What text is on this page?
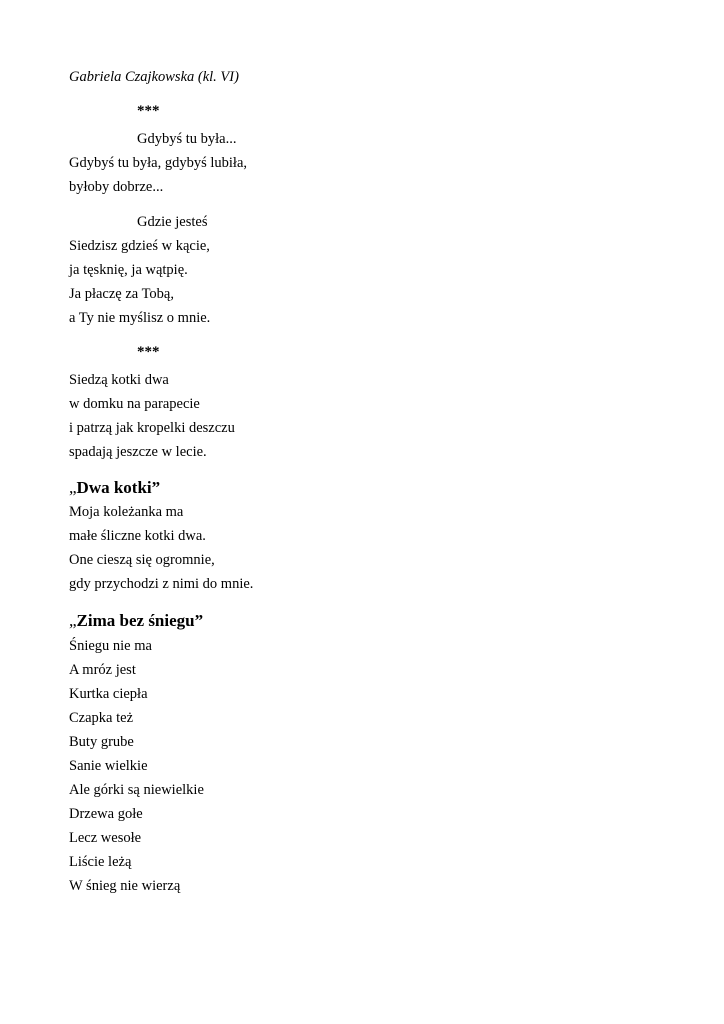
Gabriela Czajkowska (kl. VI)
***
Gdybyś tu była...
Gdybyś tu była, gdybyś lubiła,
byłoby dobrze...
Gdzie jesteś
Siedzisz gdzieś w kącie,
ja tęsknię, ja wątpię.
Ja płaczę za Tobą,
a Ty nie myślisz o mnie.
***
Siedzą kotki dwa
w domku na parapecie
i patrzą jak kropelki deszczu
spadają jeszcze w lecie.
„Dwa kotki”
Moja koleżanka ma
małe śliczne kotki dwa.
One cieszą się ogromnie,
gdy przychodzi z nimi do mnie.
„Zima bez śniegu”
Śniegu nie ma
A mróz jest
Kurtka ciepła
Czapka też
Buty grube
Sanie wielkie
Ale górki są niewielkie
Drzewa gołe
Lecz wesołe
Liście leżą
W śnieg nie wierzą
